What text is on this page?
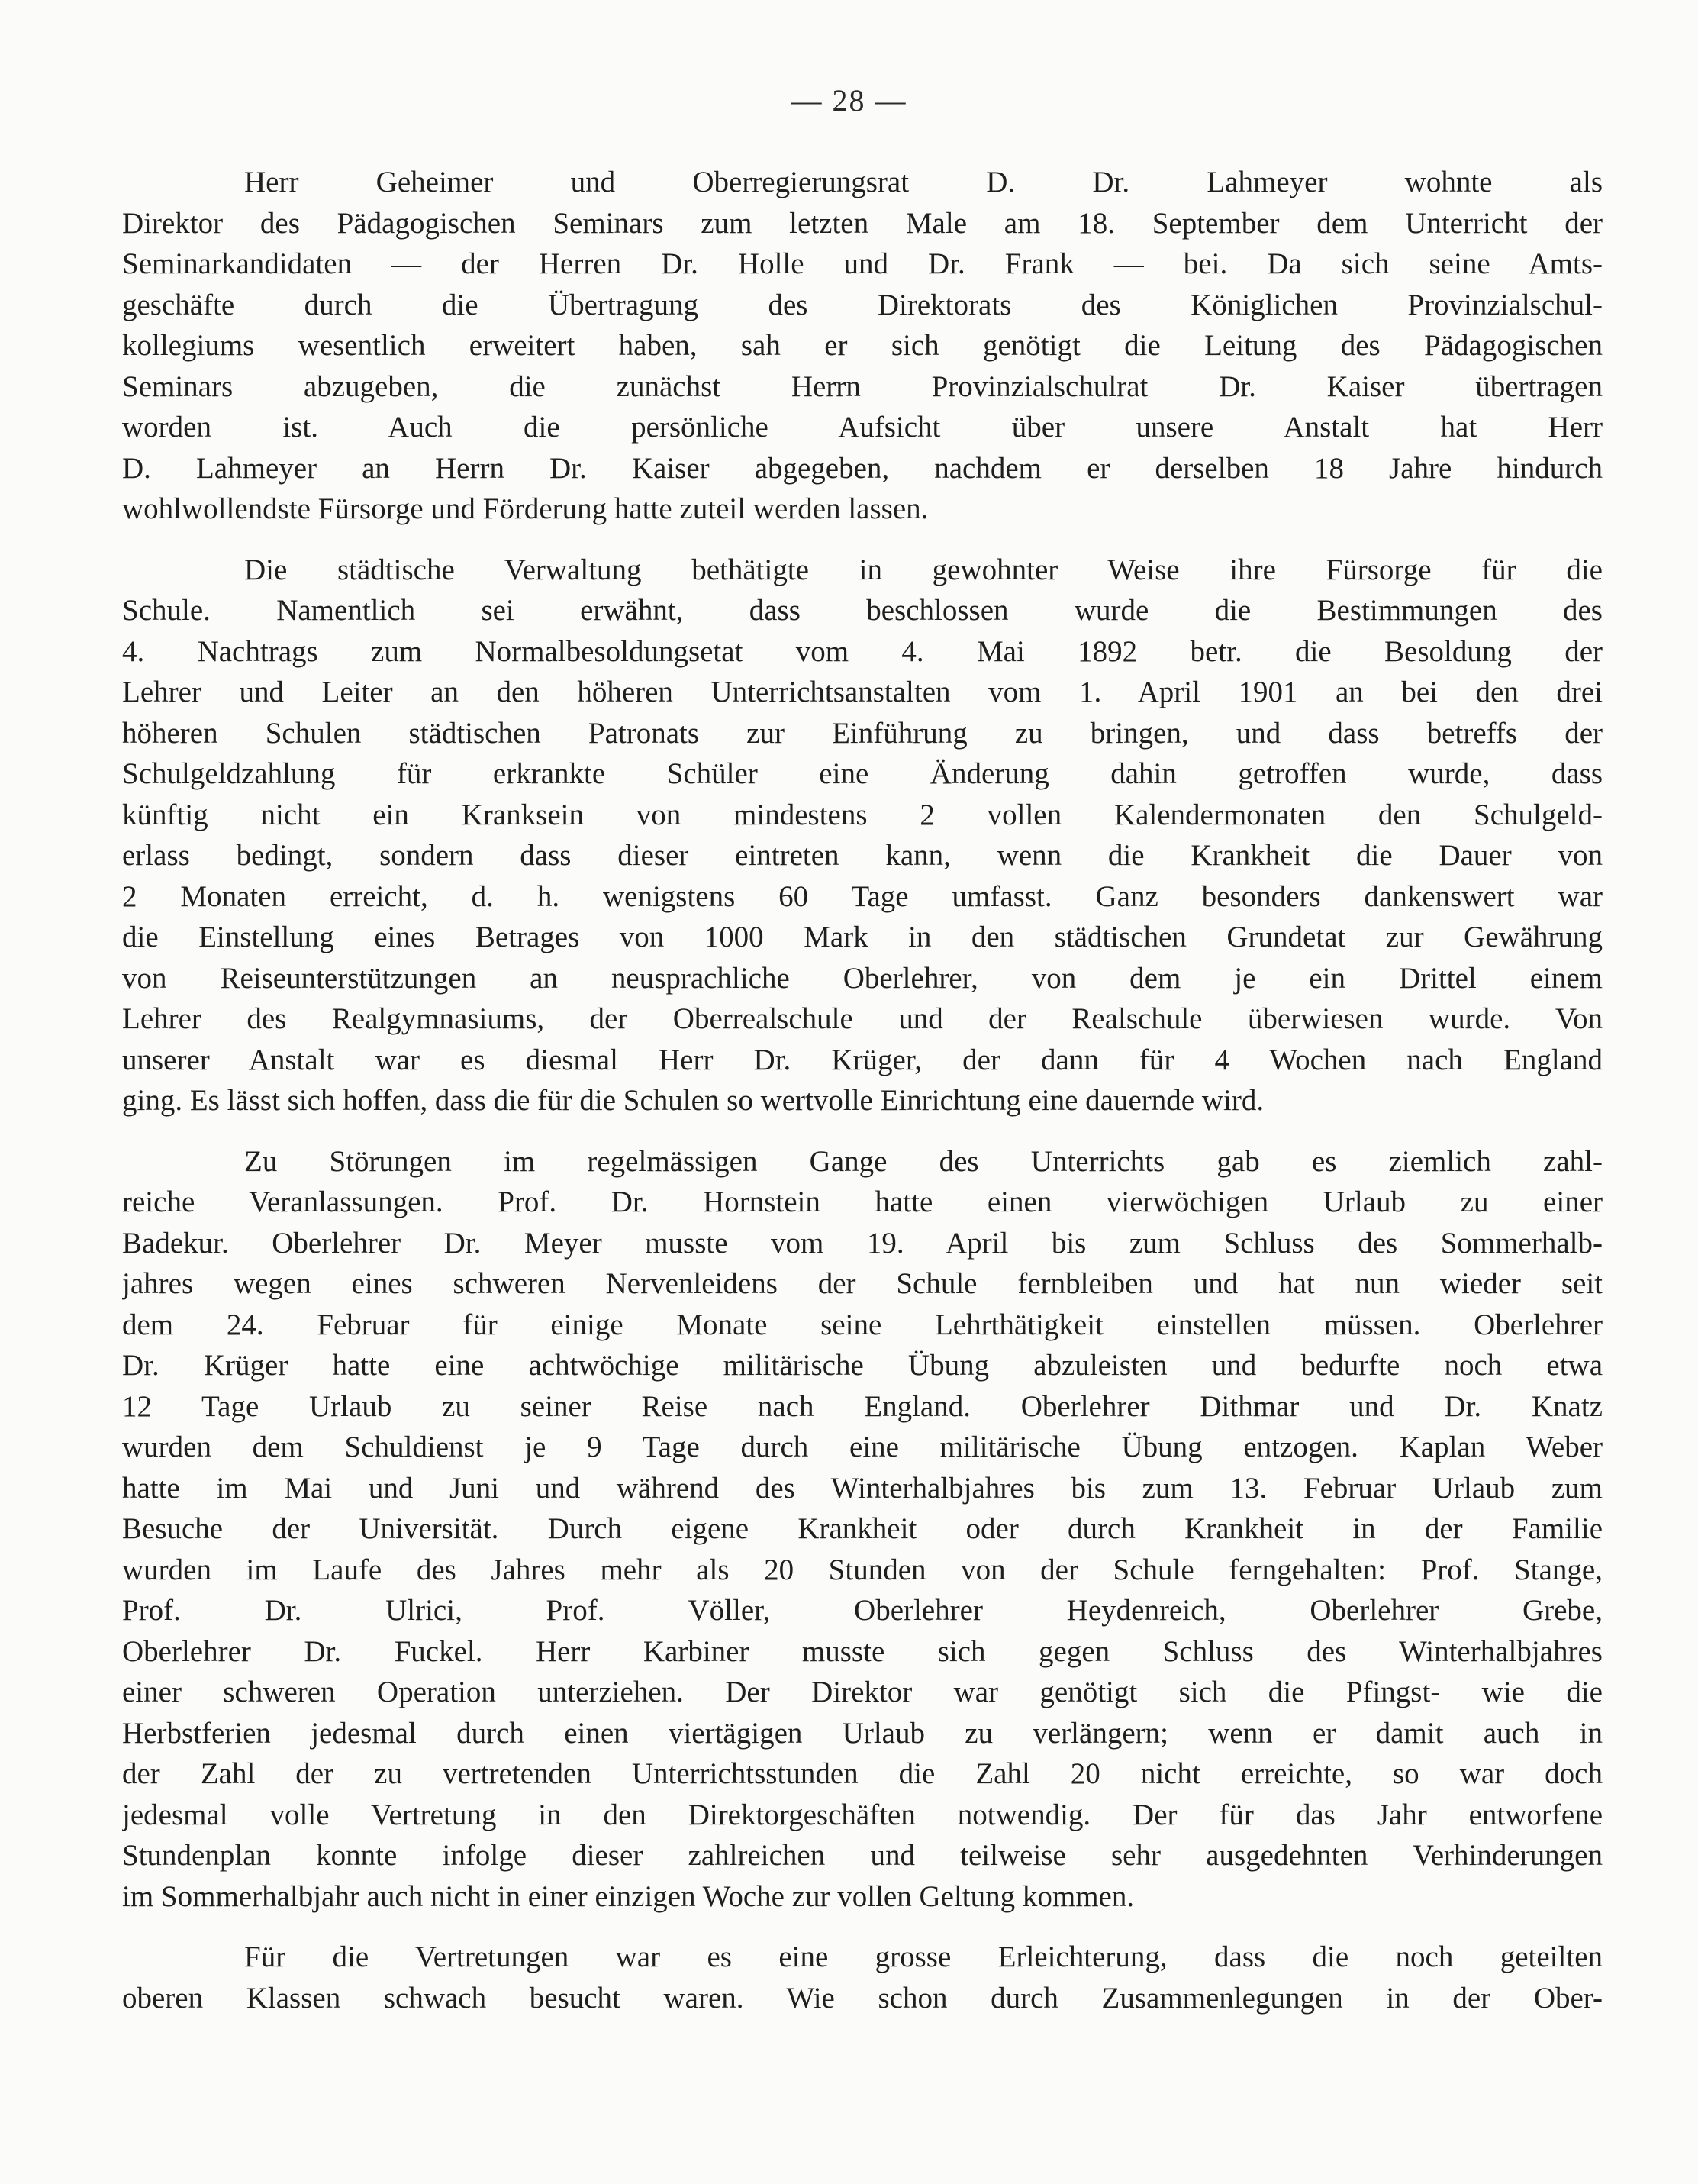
— 28 —
Herr Geheimer und Oberregierungsrat D. Dr. Lahmeyer wohnte als
Direktor des Pädagogischen Seminars zum letzten Male am 18. September dem Unterricht der
Seminarkandidaten — der Herren Dr. Holle und Dr. Frank — bei. Da sich seine Amts-
geschäfte durch die Übertragung des Direktorats des Königlichen Provinzialschul-
kollegiums wesentlich erweitert haben, sah er sich genötigt die Leitung des Pädagogischen
Seminars abzugeben, die zunächst Herrn Provinzialschulrat Dr. Kaiser übertragen
worden ist. Auch die persönliche Aufsicht über unsere Anstalt hat Herr
D. Lahmeyer an Herrn Dr. Kaiser abgegeben, nachdem er derselben 18 Jahre hindurch
wohlwollendste Fürsorge und Förderung hatte zuteil werden lassen.
Die städtische Verwaltung bethätigte in gewohnter Weise ihre Fürsorge für die
Schule. Namentlich sei erwähnt, dass beschlossen wurde die Bestimmungen des
4. Nachtrags zum Normalbesoldungsetat vom 4. Mai 1892 betr. die Besoldung der
Lehrer und Leiter an den höheren Unterrichtsanstalten vom 1. April 1901 an bei den drei
höheren Schulen städtischen Patronats zur Einführung zu bringen, und dass betreffs der
Schulgeldzahlung für erkrankte Schüler eine Änderung dahin getroffen wurde, dass
künftig nicht ein Kranksein von mindestens 2 vollen Kalendermonaten den Schulgeld-
erlass bedingt, sondern dass dieser eintreten kann, wenn die Krankheit die Dauer von
2 Monaten erreicht, d. h. wenigstens 60 Tage umfasst. Ganz besonders dankenswert war
die Einstellung eines Betrages von 1000 Mark in den städtischen Grundetat zur Gewährung
von Reiseunterstützungen an neusprachliche Oberlehrer, von dem je ein Drittel einem
Lehrer des Realgymnasiums, der Oberrealschule und der Realschule überwiesen wurde. Von
unserer Anstalt war es diesmal Herr Dr. Krüger, der dann für 4 Wochen nach England
ging. Es lässt sich hoffen, dass die für die Schulen so wertvolle Einrichtung eine dauernde wird.
Zu Störungen im regelmässigen Gange des Unterrichts gab es ziemlich zahl-
reiche Veranlassungen. Prof. Dr. Hornstein hatte einen vierwöchigen Urlaub zu einer
Badekur. Oberlehrer Dr. Meyer musste vom 19. April bis zum Schluss des Sommerhalb-
jahres wegen eines schweren Nervenleidens der Schule fernbleiben und hat nun wieder seit
dem 24. Februar für einige Monate seine Lehrthätigkeit einstellen müssen. Oberlehrer
Dr. Krüger hatte eine achtwöchige militärische Übung abzuleisten und bedurfte noch etwa
12 Tage Urlaub zu seiner Reise nach England. Oberlehrer Dithmar und Dr. Knatz
wurden dem Schuldienst je 9 Tage durch eine militärische Übung entzogen. Kaplan Weber
hatte im Mai und Juni und während des Winterhalbjahres bis zum 13. Februar Urlaub zum
Besuche der Universität. Durch eigene Krankheit oder durch Krankheit in der Familie
wurden im Laufe des Jahres mehr als 20 Stunden von der Schule ferngehalten: Prof. Stange,
Prof. Dr. Ulrici, Prof. Völler, Oberlehrer Heydenreich, Oberlehrer Grebe,
Oberlehrer Dr. Fuckel. Herr Karbiner musste sich gegen Schluss des Winterhalbjahres
einer schweren Operation unterziehen. Der Direktor war genötigt sich die Pfingst- wie die
Herbstferien jedesmal durch einen viertägigen Urlaub zu verlängern; wenn er damit auch in
der Zahl der zu vertretenden Unterrichtsstunden die Zahl 20 nicht erreichte, so war doch
jedesmal volle Vertretung in den Direktorgeschäften notwendig. Der für das Jahr entworfene
Stundenplan konnte infolge dieser zahlreichen und teilweise sehr ausgedehnten Verhinderungen
im Sommerhalbjahr auch nicht in einer einzigen Woche zur vollen Geltung kommen.
Für die Vertretungen war es eine grosse Erleichterung, dass die noch geteilten
oberen Klassen schwach besucht waren. Wie schon durch Zusammenlegungen in der Ober-
